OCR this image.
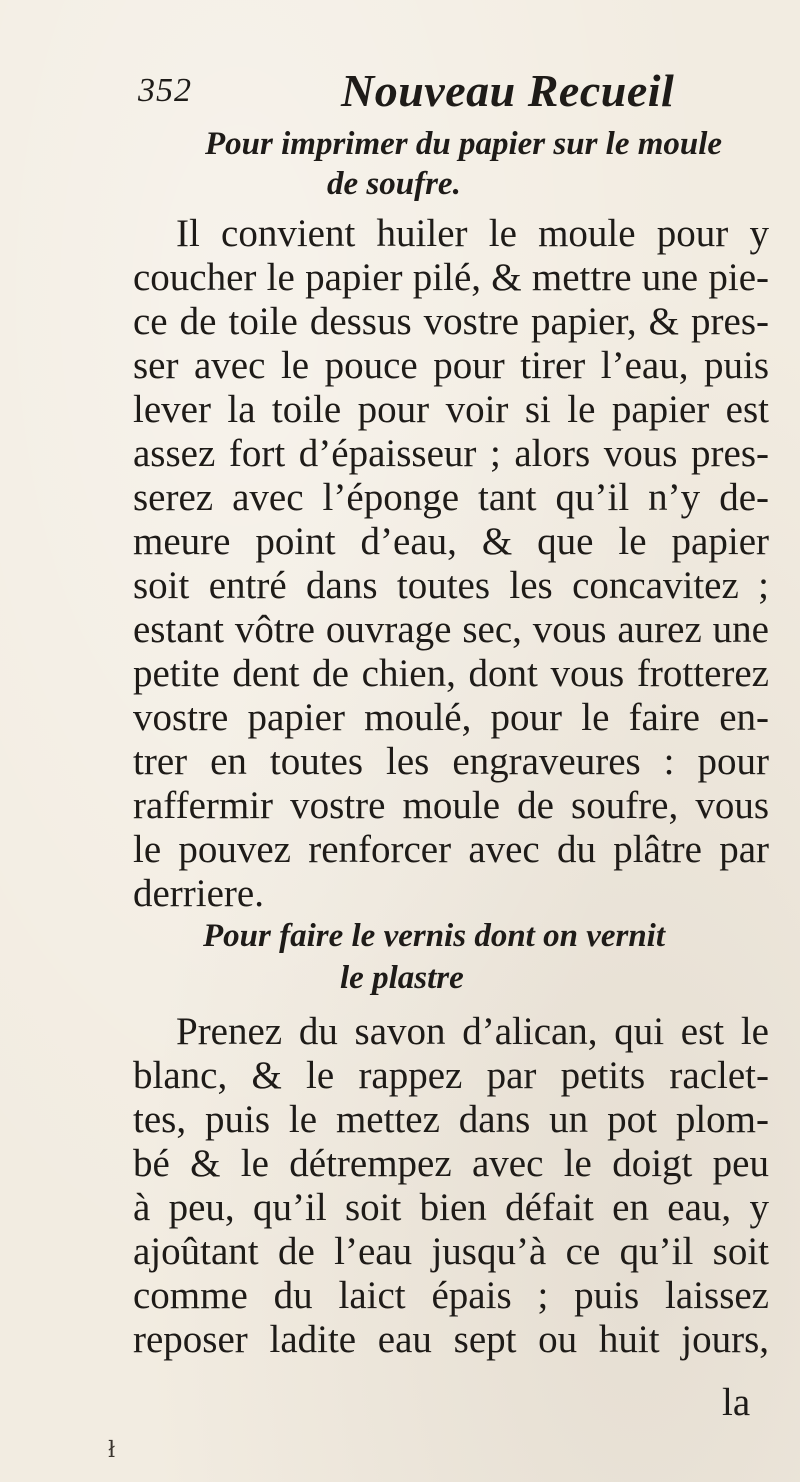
352	Nouveau Recueil
Pour imprimer du papier sur le moule
de soufre.
Il convient huiler le moule pour y
coucher le papier pilé, & mettre une pie-
ce de toile dessus vostre papier, & pres-
ser avec le pouce pour tirer l’eau, puis
lever la toile pour voir si le papier est
assez fort d’épaisseur ; alors vous pres-
serez avec l’éponge tant qu’il n’y de-
meure point d’eau, & que le papier
soit entré dans toutes les concavitez ;
estant vôtre ouvrage sec, vous aurez une
petite dent de chien, dont vous frotterez
vostre papier moulé, pour le faire en-
trer en toutes les engraveures : pour
raffermir vostre moule de soufre, vous
le pouvez renforcer avec du plâtre par
derriere.
Pour faire le vernis dont on vernit
le plastre
Prenez du savon d’alican, qui est le
blanc, & le rappez par petits raclet-
tes, puis le mettez dans un pot plom-
bé & le détrempez avec le doigt peu
à peu, qu’il soit bien défait en eau, y
ajoûtant de l’eau jusqu’à ce qu’il soit
comme du laict épais ; puis laissez
reposer ladite eau sept ou huit jours,
la
ł
